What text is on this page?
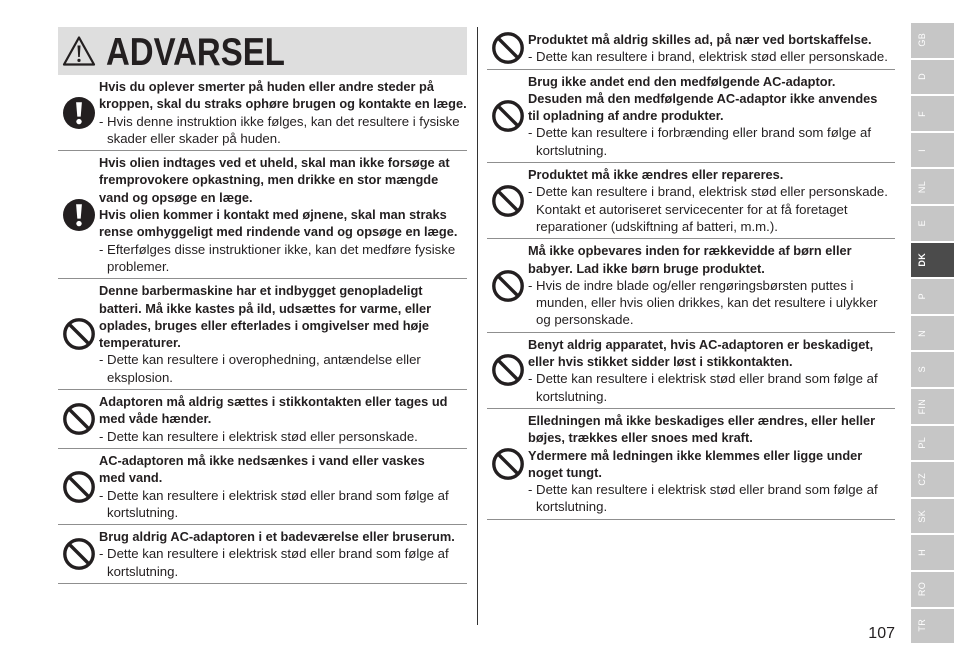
ADVARSEL
Hvis du oplever smerter på huden eller andre steder på
kroppen, skal du straks ophøre brugen og kontakte en læge.
- Hvis denne instruktion ikke følges, kan det resultere i fysiske
skader eller skader på huden.
Hvis olien indtages ved et uheld, skal man ikke forsøge at
fremprovokere opkastning, men drikke en stor mængde
vand og opsøge en læge.
Hvis olien kommer i kontakt med øjnene, skal man straks
rense omhyggeligt med rindende vand og opsøge en læge.
- Efterfølges disse instruktioner ikke, kan det medføre fysiske
problemer.
Denne barbermaskine har et indbygget genopladeligt
batteri. Må ikke kastes på ild, udsættes for varme, eller
oplades, bruges eller efterlades i omgivelser med høje
temperaturer.
- Dette kan resultere i overophedning, antændelse eller
eksplosion.
Adaptoren må aldrig sættes i stikkontakten eller tages ud
med våde hænder.
- Dette kan resultere i elektrisk stød eller personskade.
AC-adaptoren må ikke nedsænkes i vand eller vaskes
med vand.
- Dette kan resultere i elektrisk stød eller brand som følge af
kortslutning.
Brug aldrig AC-adaptoren i et badeværelse eller bruserum.
- Dette kan resultere i elektrisk stød eller brand som følge af
kortslutning.
Produktet må aldrig skilles ad, på nær ved bortskaffelse.
- Dette kan resultere i brand, elektrisk stød eller personskade.
Brug ikke andet end den medfølgende AC-adaptor.
Desuden må den medfølgende AC-adaptor ikke anvendes
til opladning af andre produkter.
- Dette kan resultere i forbrænding eller brand som følge af
kortslutning.
Produktet må ikke ændres eller repareres.
- Dette kan resultere i brand, elektrisk stød eller personskade.
Kontakt et autoriseret servicecenter for at få foretaget
reparationer (udskiftning af batteri, m.m.).
Må ikke opbevares inden for rækkevidde af børn eller
babyer. Lad ikke børn bruge produktet.
- Hvis de indre blade og/eller rengøringsbørsten puttes i
munden, eller hvis olien drikkes, kan det resultere i ulykker
og personskade.
Benyt aldrig apparatet, hvis AC-adaptoren er beskadiget,
eller hvis stikket sidder løst i stikkontakten.
- Dette kan resultere i elektrisk stød eller brand som følge af
kortslutning.
Elledningen må ikke beskadiges eller ændres, eller heller
bøjes, trækkes eller snoes med kraft.
Ydermere må ledningen ikke klemmes eller ligge under
noget tungt.
- Dette kan resultere i elektrisk stød eller brand som følge af
kortslutning.
GB
D
F
I
NL
E
DK
P
N
S
FIN
PL
CZ
SK
H
RO
TR
107
